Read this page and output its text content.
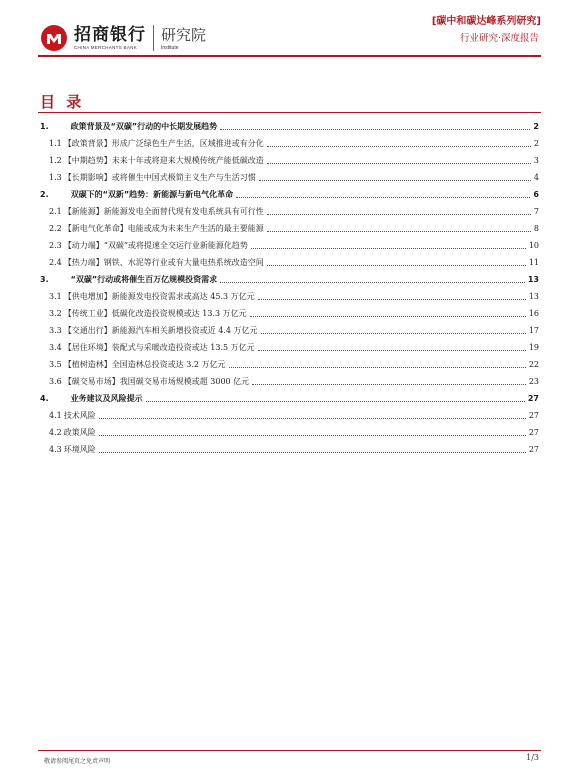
招商银行
CHINA MERCHANTS BANK
研究院
Institute
[碳中和碳达峰系列研究]
行业研究·深度报告
目 录
1.	政策背景及“双碳”行动的中长期发展趋势	2
1.1 【政策背景】形成广泛绿色生产生活，区域推进或有分化	2
1.2 【中期趋势】未来十年或将迎来大规模传统产能低碳改造	3
1.3 【长期影响】或将催生中国式极简主义生产与生活习惯	4
2.	双碳下的“双新”趋势：新能源与新电气化革命	6
2.1 【新能源】新能源发电全面替代现有发电系统具有可行性	7
2.2 【新电气化革命】电能或成为未来生产生活的最主要能源	8
2.3 【动力端】“双碳”或将提速全交运行业新能源化趋势	10
2.4 【热力端】钢铁、水泥等行业或有大量电热系统改造空间	11
3.	“双碳”行动或将催生百万亿规模投资需求	13
3.1 【供电增加】新能源发电投资需求或高达 45.3 万亿元	13
3.2 【传统工业】低碳化改造投资规模或达 13.3 万亿元	16
3.3 【交通出行】新能源汽车相关新增投资或近 4.4 万亿元	17
3.4 【居住环境】装配式与采暖改造投资或达 13.5 万亿元	19
3.5 【植树造林】全国造林总投资或达 3.2 万亿元	22
3.6 【碳交易市场】我国碳交易市场规模或超 3000 亿元	23
4.	业务建议及风险提示	27
4.1 技术风险	27
4.2 政策风险	27
4.3 环境风险	27
敬请参阅尾页之免责声明	1/3
